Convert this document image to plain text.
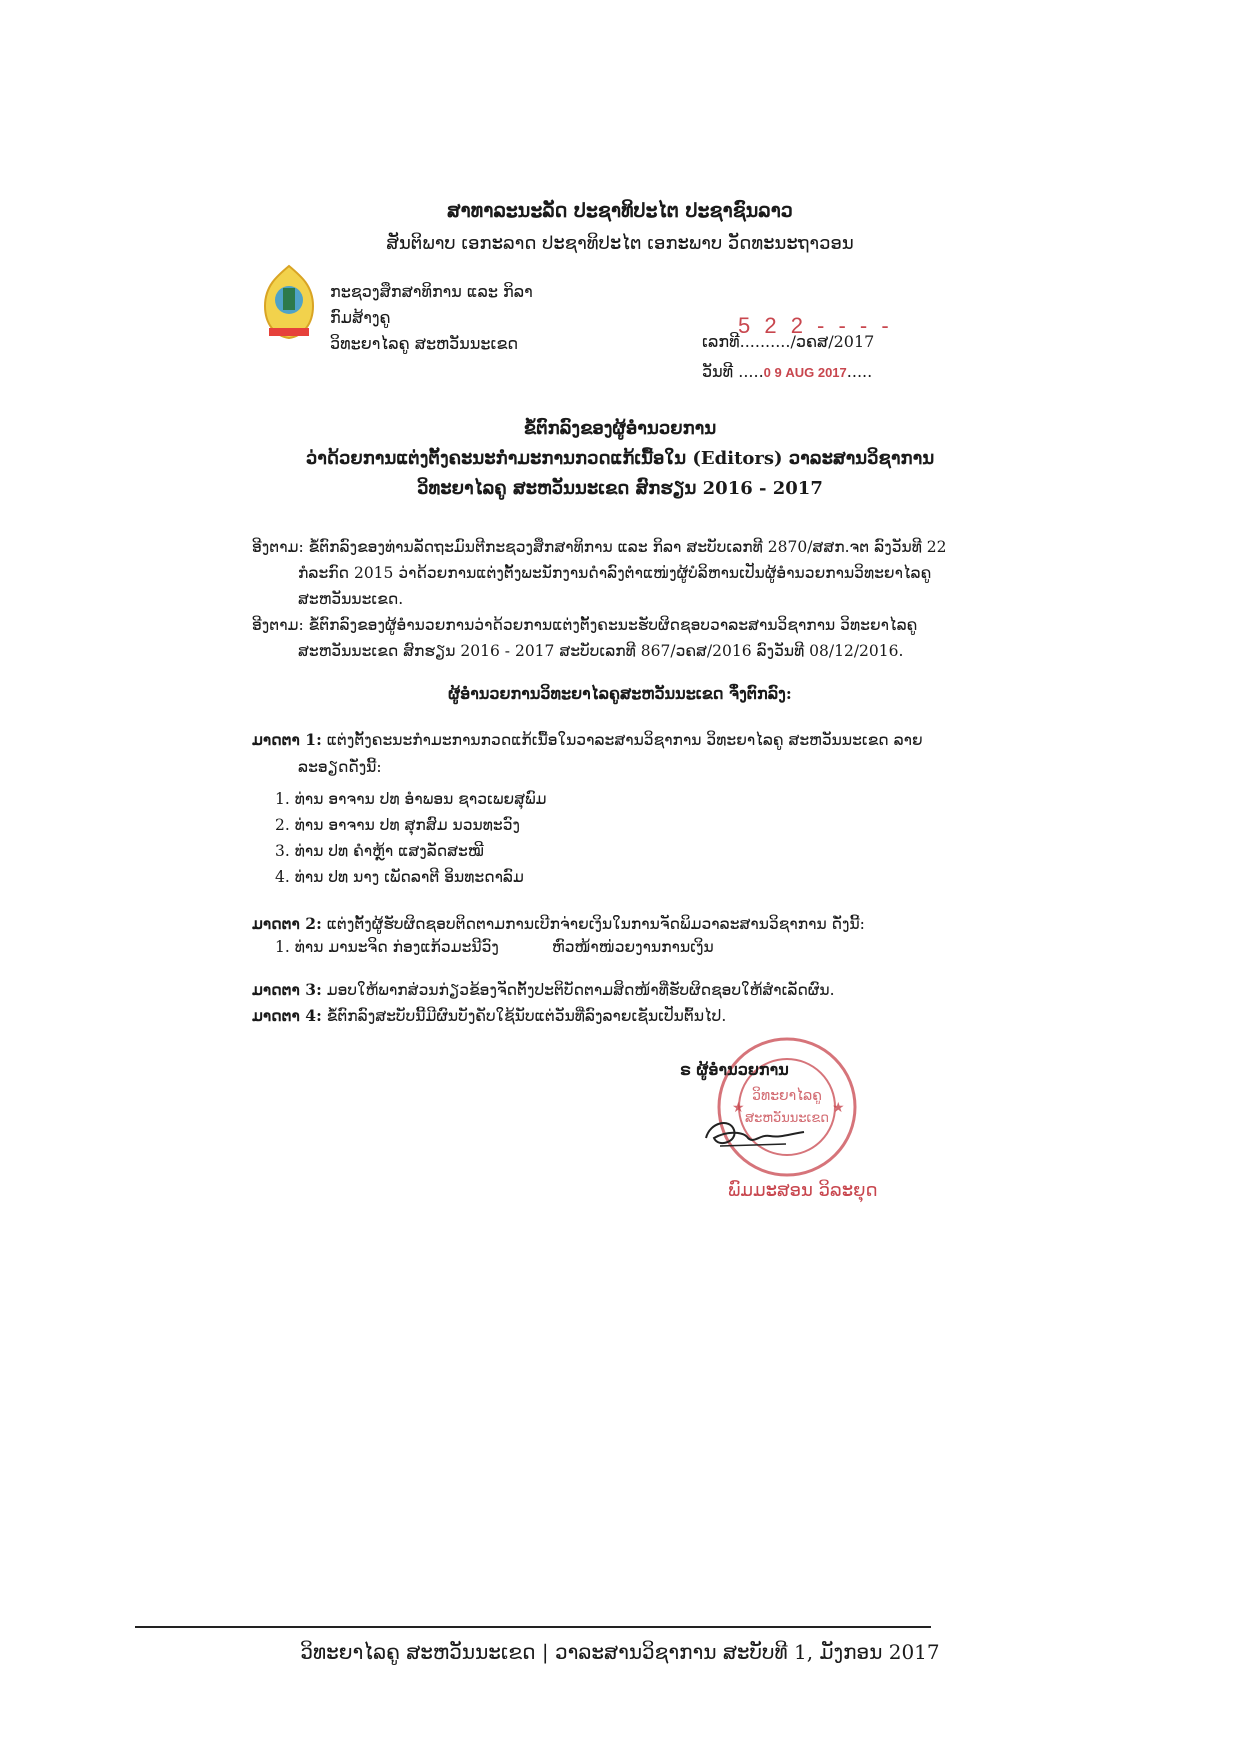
ສາທາລະນະລັດ ປະຊາທິປະໄຕ ປະຊາຊົນລາວ
ສັນຕິພາບ ເອກະລາດ ປະຊາທິປະໄຕ ເອກະພາບ ວັດທະນະຖາວອນ
ກະຊວງສຶກສາທິການ ແລະ ກິລາ
ກົມສ້າງຄູ
ວິທະຍາໄລຄູ ສະຫວັນນະເຂດ
5 2 2 - - - -
ເລກທີ........../ວຄສ/2017
ວັນທີ .....0 9 AUG 2017.....
ຂໍ້ຕົກລົງຂອງຜູ້ອຳນວຍການ
ວ່າດ້ວຍການແຕ່ງຕັ້ງຄະນະກຳມະການກວດແກ້ເນື້ອໃນ (Editors) ວາລະສານວິຊາການ
ວິທະຍາໄລຄູ ສະຫວັນນະເຂດ ສົກຮຽນ 2016 - 2017
ອີງຕາມ: ຂໍ້ຕົກລົງຂອງທ່ານລັດຖະມົນຕີກະຊວງສຶກສາທິການ ແລະ ກິລາ ສະບັບເລກທີ 2870/ສສກ.ຈຕ ລົງວັນທີ 22 ກໍລະກົດ 2015 ວ່າດ້ວຍການແຕ່ງຕັ້ງພະນັກງານດຳລົງຕຳແໜ່ງຜູ້ບໍລິຫານເປັນຜູ້ອຳນວຍການວິທະຍາໄລຄູ ສະຫວັນນະເຂດ.
ອີງຕາມ: ຂໍ້ຕົກລົງຂອງຜູ້ອຳນວຍການວ່າດ້ວຍການແຕ່ງຕັ້ງຄະນະຮັບຜິດຊອບວາລະສານວິຊາການ ວິທະຍາໄລຄູ ສະຫວັນນະເຂດ ສົກຮຽນ 2016 - 2017 ສະບັບເລກທີ 867/ວຄສ/2016 ລົງວັນທີ 08/12/2016.
ຜູ້ອຳນວຍການວິທະຍາໄລຄູສະຫວັນນະເຂດ ຈຶ່ງຕົກລົງ:
ມາດຕາ 1: ແຕ່ງຕັ້ງຄະນະກຳມະການກວດແກ້ເນື້ອໃນວາລະສານວິຊາການ ວິທະຍາໄລຄູ ສະຫວັນນະເຂດ ລາຍລະອຽດດັ່ງນີ້:
1. ທ່ານ ອາຈານ ປທ ອຳພອນ ຊາວເພຍສຸພົມ
2. ທ່ານ ອາຈານ ປທ ສຸກສົມ ນວນທະວົງ
3. ທ່ານ ປທ ຄຳຫຼ້າ ແສງລັດສະໝີ
4. ທ່ານ ປທ ນາງ ເພັດລາຕີ ອິນທະດາລົມ
ມາດຕາ 2: ແຕ່ງຕັ້ງຜູ້ຮັບຜິດຊອບຕິດຕາມການເບີກຈ່າຍເງິນໃນການຈັດພິມວາລະສານວິຊາການ ດັ່ງນີ້:
1. ທ່ານ ມານະຈິດ ກ່ອງແກ້ວມະນີວົງ	ຫົວໜ້າໜ່ວຍງານການເງິນ
ມາດຕາ 3: ມອບໃຫ້ພາກສ່ວນກ່ຽວຂ້ອງຈັດຕັ້ງປະຕິບັດຕາມສິດໜ້າທີ່ຮັບຜິດຊອບໃຫ້ສຳເລັດຜົນ.
ມາດຕາ 4: ຂໍ້ຕົກລົງສະບັບນີ້ມີຜົນບັງຄັບໃຊ້ນັບແຕ່ວັນທີ່ລົງລາຍເຊັນເປັນຕົ້ນໄປ.
ວິທະຍາໄລຄູ
ສະຫວັນນະເຂດ
★	★
ຣ ຜູ້ອຳນວຍການ
ພົມມະສອນ ວິລະຍຸດ
ວິທະຍາໄລຄູ ສະຫວັນນະເຂດ | ວາລະສານວິຊາການ ສະບັບທີ 1, ມັງກອນ 2017
